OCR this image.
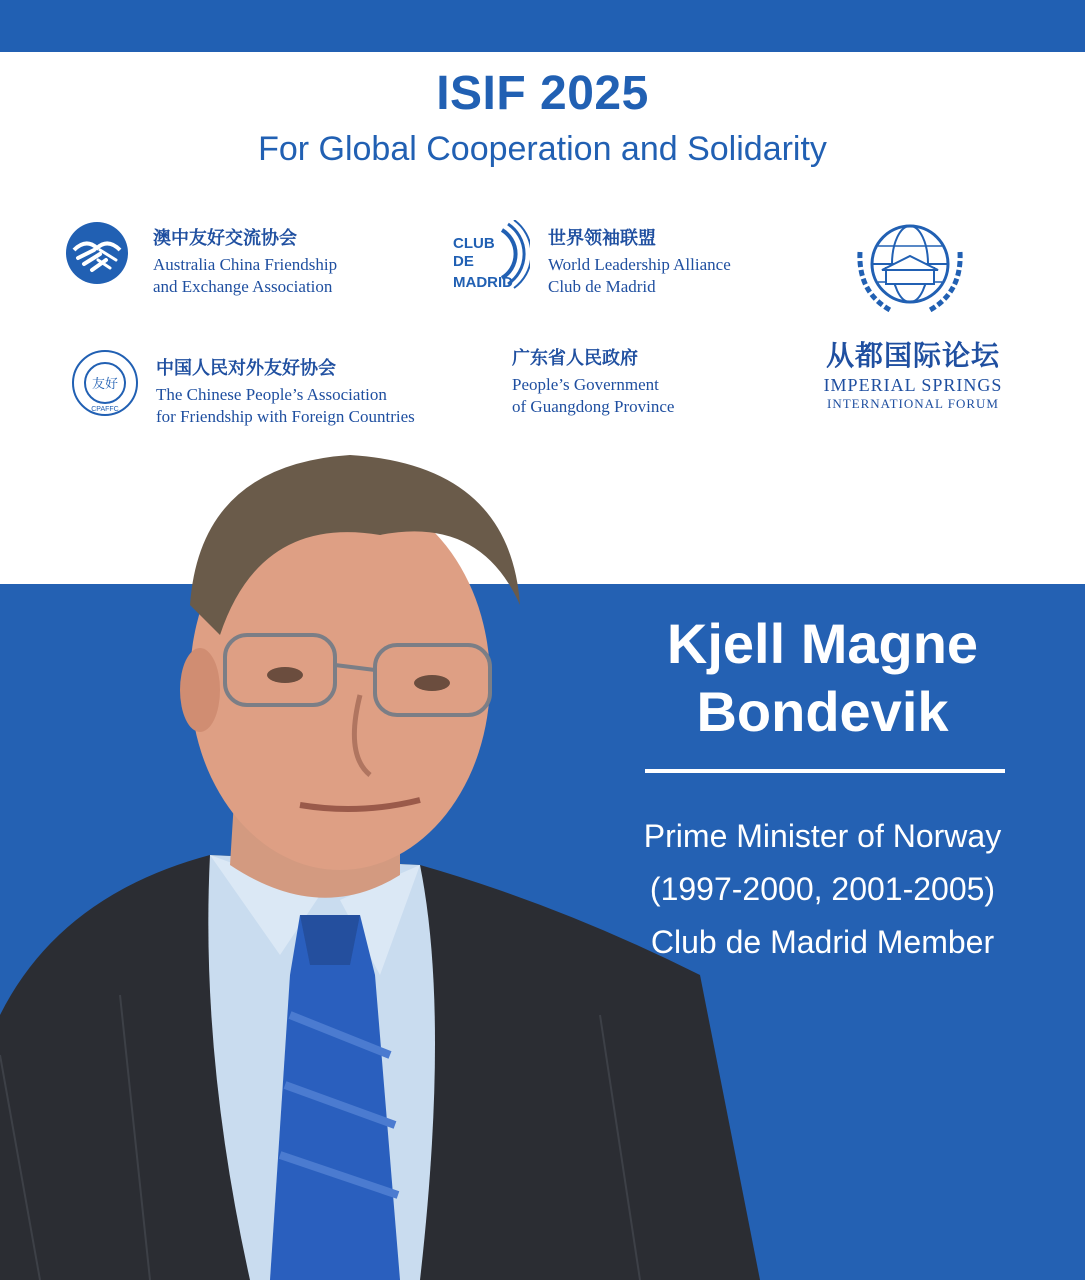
ISIF 2025
For Global Cooperation and Solidarity
澳中友好交流协会
Australia China Friendship
and Exchange Association
CLUB
DE
MADRID
世界领袖联盟
World Leadership Alliance
Club de Madrid
友好
CPAFFC
中国人民对外友好协会
The Chinese People’s Association
for Friendship with Foreign Countries
广东省人民政府
People’s Government
of Guangdong Province
从都国际论坛
IMPERIAL SPRINGS
INTERNATIONAL FORUM
Kjell Magne
Bondevik
Prime Minister of Norway
(1997-2000, 2001-2005)
Club de Madrid Member
